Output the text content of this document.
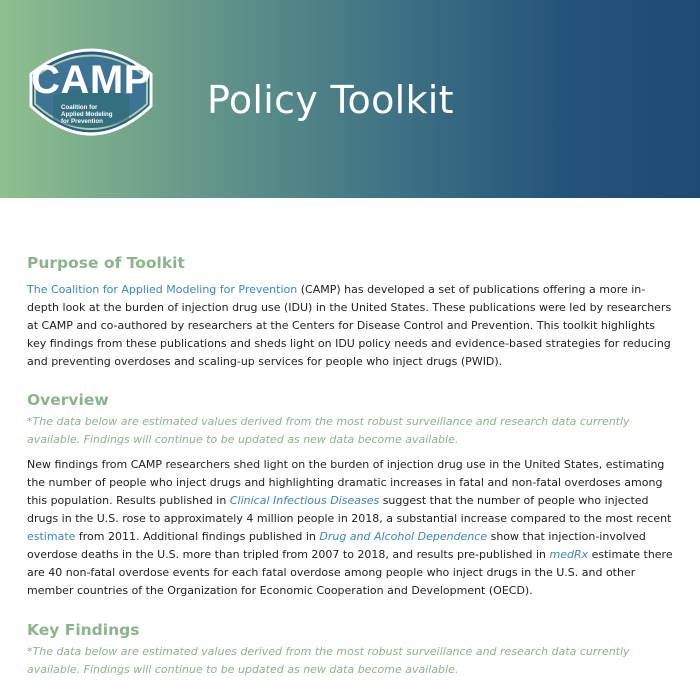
CAMP
Coalition for
Applied Modeling
for Prevention	Policy Toolkit
Purpose of Toolkit

The Coalition for Applied Modeling for Prevention (CAMP) has developed a set of publications offering a more in-depth look at the burden of injection drug use (IDU) in the United States. These publications were led by researchers at CAMP and co-authored by researchers at the Centers for Disease Control and Prevention. This toolkit highlights key findings from these publications and sheds light on IDU policy needs and evidence-based strategies for reducing and preventing overdoses and scaling-up services for people who inject drugs (PWID).

Overview
*The data below are estimated values derived from the most robust surveillance and research data currently available. Findings will continue to be updated as new data become available.

New findings from CAMP researchers shed light on the burden of injection drug use in the United States, estimating the number of people who inject drugs and highlighting dramatic increases in fatal and non-fatal overdoses among this population. Results published in Clinical Infectious Diseases suggest that the number of people who injected drugs in the U.S. rose to approximately 4 million people in 2018, a substantial increase compared to the most recent estimate from 2011. Additional findings published in Drug and Alcohol Dependence show that injection-involved overdose deaths in the U.S. more than tripled from 2007 to 2018, and results pre-published in medRx estimate there are 40 non-fatal overdose events for each fatal overdose among people who inject drugs in the U.S. and other member countries of the Organization for Economic Cooperation and Development (OECD).

Key Findings
*The data below are estimated values derived from the most robust surveillance and research data currently available. Findings will continue to be updated as new data become available.
